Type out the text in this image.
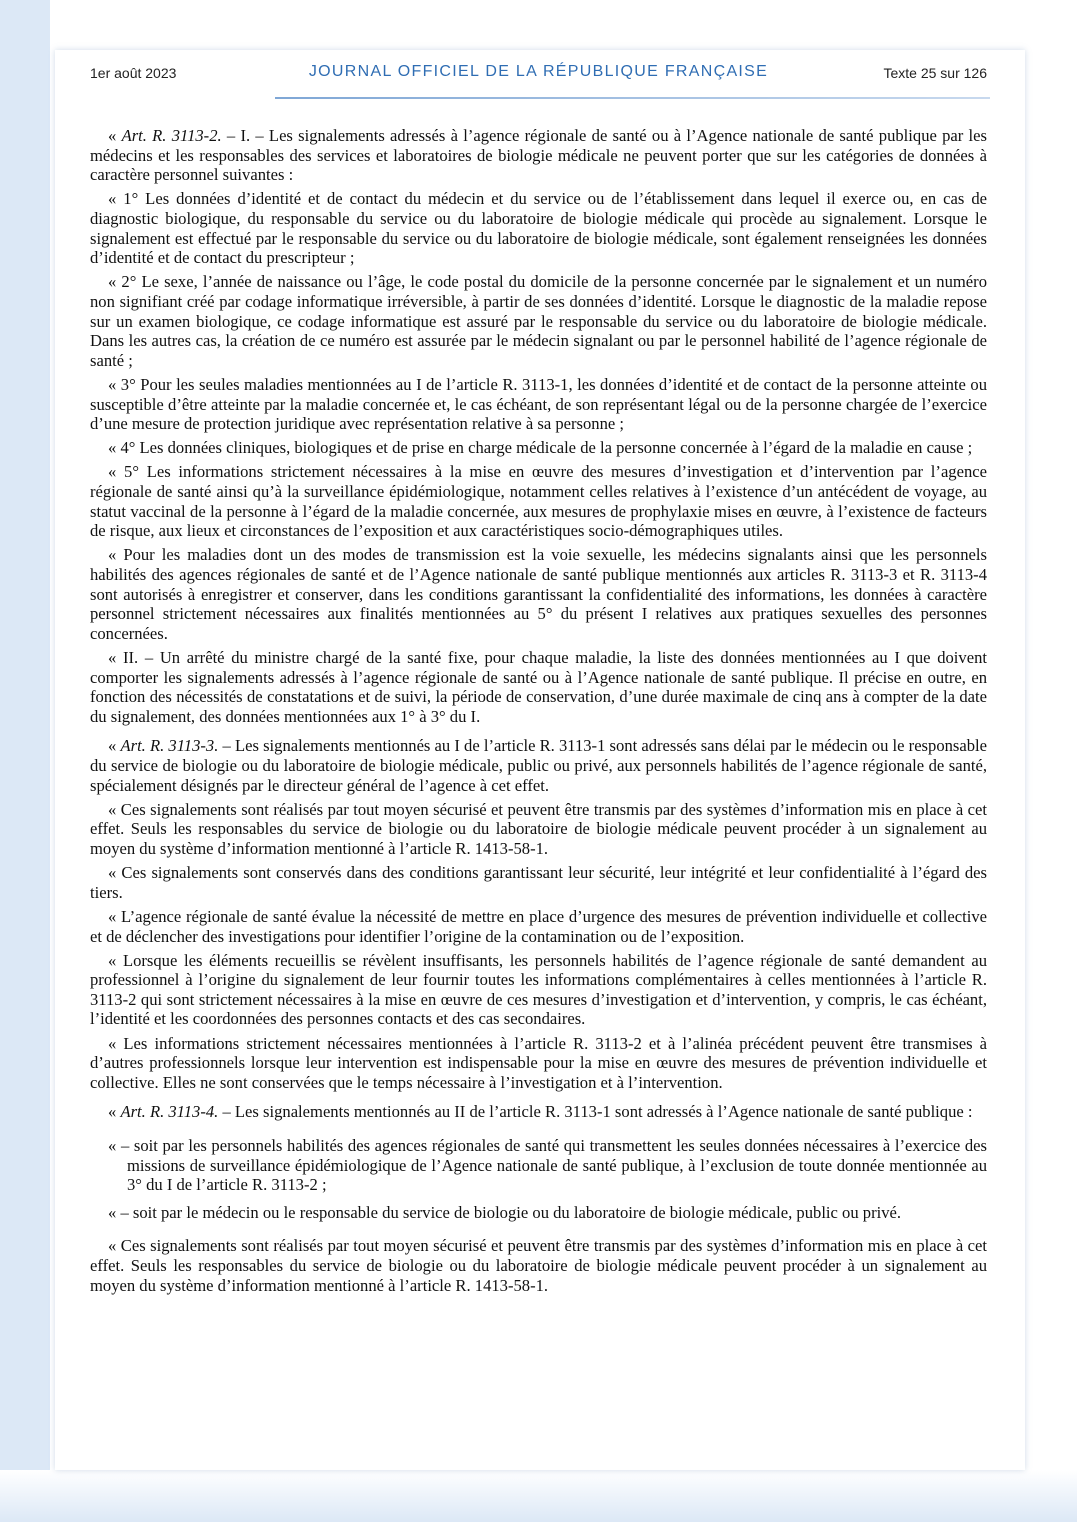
1er août 2023	JOURNAL OFFICIEL DE LA RÉPUBLIQUE FRANÇAISE	Texte 25 sur 126

« Art. R. 3113-2. – I. – Les signalements adressés à l’agence régionale de santé ou à l’Agence nationale de santé publique par les médecins et les responsables des services et laboratoires de biologie médicale ne peuvent porter que sur les catégories de données à caractère personnel suivantes :

« 1° Les données d’identité et de contact du médecin et du service ou de l’établissement dans lequel il exerce ou, en cas de diagnostic biologique, du responsable du service ou du laboratoire de biologie médicale qui procède au signalement. Lorsque le signalement est effectué par le responsable du service ou du laboratoire de biologie médicale, sont également renseignées les données d’identité et de contact du prescripteur ;

« 2° Le sexe, l’année de naissance ou l’âge, le code postal du domicile de la personne concernée par le signalement et un numéro non signifiant créé par codage informatique irréversible, à partir de ses données d’identité. Lorsque le diagnostic de la maladie repose sur un examen biologique, ce codage informatique est assuré par le responsable du service ou du laboratoire de biologie médicale. Dans les autres cas, la création de ce numéro est assurée par le médecin signalant ou par le personnel habilité de l’agence régionale de santé ;

« 3° Pour les seules maladies mentionnées au I de l’article R. 3113-1, les données d’identité et de contact de la personne atteinte ou susceptible d’être atteinte par la maladie concernée et, le cas échéant, de son représentant légal ou de la personne chargée de l’exercice d’une mesure de protection juridique avec représentation relative à sa personne ;

« 4° Les données cliniques, biologiques et de prise en charge médicale de la personne concernée à l’égard de la maladie en cause ;

« 5° Les informations strictement nécessaires à la mise en œuvre des mesures d’investigation et d’intervention par l’agence régionale de santé ainsi qu’à la surveillance épidémiologique, notamment celles relatives à l’existence d’un antécédent de voyage, au statut vaccinal de la personne à l’égard de la maladie concernée, aux mesures de prophylaxie mises en œuvre, à l’existence de facteurs de risque, aux lieux et circonstances de l’exposition et aux caractéristiques socio-démographiques utiles.

« Pour les maladies dont un des modes de transmission est la voie sexuelle, les médecins signalants ainsi que les personnels habilités des agences régionales de santé et de l’Agence nationale de santé publique mentionnés aux articles R. 3113-3 et R. 3113-4 sont autorisés à enregistrer et conserver, dans les conditions garantissant la confidentialité des informations, les données à caractère personnel strictement nécessaires aux finalités mentionnées au 5° du présent I relatives aux pratiques sexuelles des personnes concernées.

« II. – Un arrêté du ministre chargé de la santé fixe, pour chaque maladie, la liste des données mentionnées au I que doivent comporter les signalements adressés à l’agence régionale de santé ou à l’Agence nationale de santé publique. Il précise en outre, en fonction des nécessités de constatations et de suivi, la période de conservation, d’une durée maximale de cinq ans à compter de la date du signalement, des données mentionnées aux 1° à 3° du I.

« Art. R. 3113-3. – Les signalements mentionnés au I de l’article R. 3113-1 sont adressés sans délai par le médecin ou le responsable du service de biologie ou du laboratoire de biologie médicale, public ou privé, aux personnels habilités de l’agence régionale de santé, spécialement désignés par le directeur général de l’agence à cet effet.

« Ces signalements sont réalisés par tout moyen sécurisé et peuvent être transmis par des systèmes d’information mis en place à cet effet. Seuls les responsables du service de biologie ou du laboratoire de biologie médicale peuvent procéder à un signalement au moyen du système d’information mentionné à l’article R. 1413-58-1.

« Ces signalements sont conservés dans des conditions garantissant leur sécurité, leur intégrité et leur confidentialité à l’égard des tiers.

« L’agence régionale de santé évalue la nécessité de mettre en place d’urgence des mesures de prévention individuelle et collective et de déclencher des investigations pour identifier l’origine de la contamination ou de l’exposition.

« Lorsque les éléments recueillis se révèlent insuffisants, les personnels habilités de l’agence régionale de santé demandent au professionnel à l’origine du signalement de leur fournir toutes les informations complémentaires à celles mentionnées à l’article R. 3113-2 qui sont strictement nécessaires à la mise en œuvre de ces mesures d’investigation et d’intervention, y compris, le cas échéant, l’identité et les coordonnées des personnes contacts et des cas secondaires.

« Les informations strictement nécessaires mentionnées à l’article R. 3113-2 et à l’alinéa précédent peuvent être transmises à d’autres professionnels lorsque leur intervention est indispensable pour la mise en œuvre des mesures de prévention individuelle et collective. Elles ne sont conservées que le temps nécessaire à l’investigation et à l’intervention.

« Art. R. 3113-4. – Les signalements mentionnés au II de l’article R. 3113-1 sont adressés à l’Agence nationale de santé publique :

« – soit par les personnels habilités des agences régionales de santé qui transmettent les seules données nécessaires à l’exercice des missions de surveillance épidémiologique de l’Agence nationale de santé publique, à l’exclusion de toute donnée mentionnée au 3° du I de l’article R. 3113-2 ;

« – soit par le médecin ou le responsable du service de biologie ou du laboratoire de biologie médicale, public ou privé.

« Ces signalements sont réalisés par tout moyen sécurisé et peuvent être transmis par des systèmes d’information mis en place à cet effet. Seuls les responsables du service de biologie ou du laboratoire de biologie médicale peuvent procéder à un signalement au moyen du système d’information mentionné à l’article R. 1413-58-1.
